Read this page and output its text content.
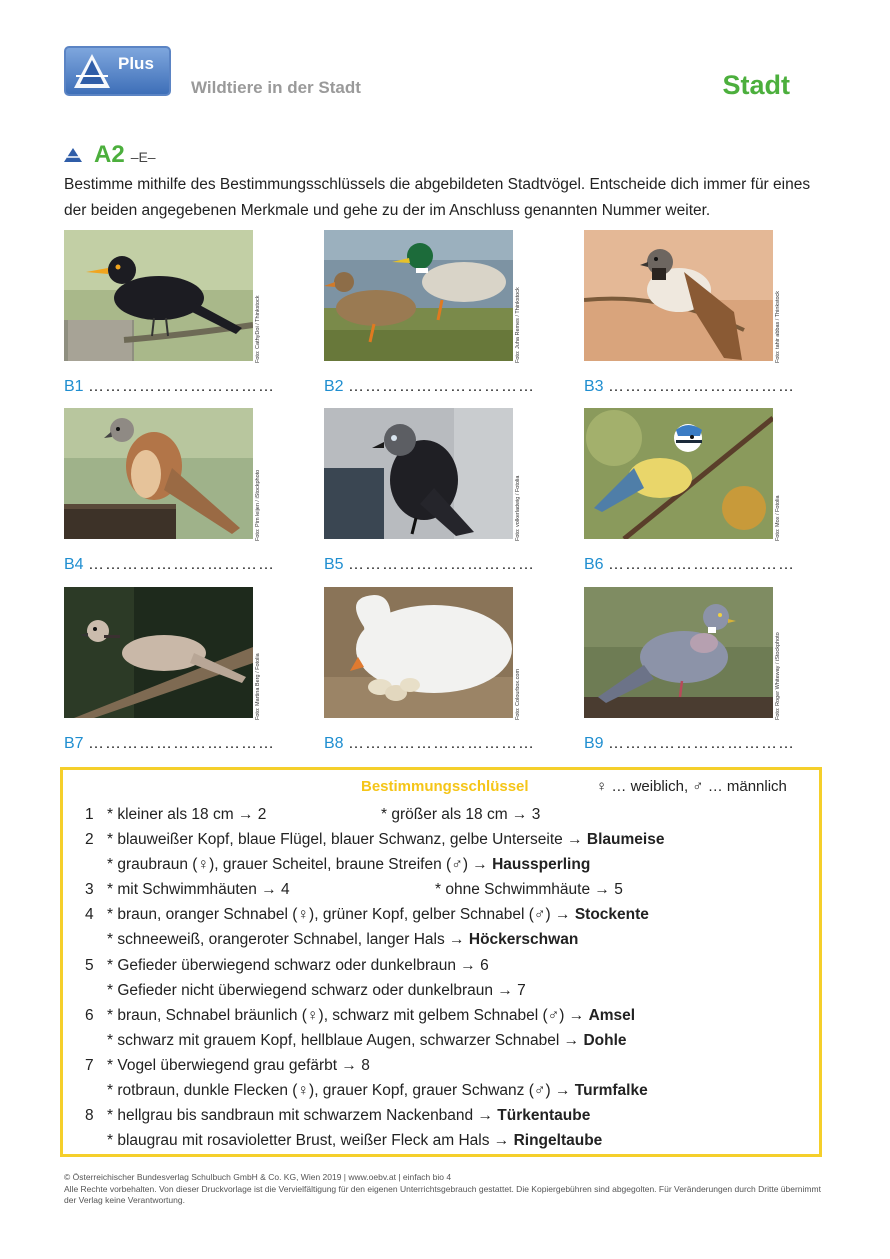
Plus
Wildtiere in der Stadt	Stadt
A2 –E–
Bestimme mithilfe des Bestimmungsschlüssels die abgebildeten Stadtvögel. Entscheide dich immer für eines der beiden angegebenen Merkmale und gehe zu der im Anschluss genannten Nummer weiter.
Foto: CathyDoi / Thinkstock
B1 ……………………………
Foto: Juha Remes / Thinkstock
B2 ……………………………
Foto: tahir abbas / Thinkstock
B3 ……………………………
Foto: Pim leijen / iStockphoto
B4 ……………………………
Foto: volkerladwig / Fotolia
B5 ……………………………
Foto: Mox / Fotolia
B6 ……………………………
Foto: Martina Berg / Fotolia
B7 ……………………………
Foto: Colourbox.com
B8 ……………………………
Foto: Roger Whiteway / iStockphoto
B9 ……………………………
Bestimmungsschlüssel	♀ … weiblich, ♂ … männlich
1 * kleiner als 18 cm → 2	* größer als 18 cm → 3
2 * blauweißer Kopf, blaue Flügel, blauer Schwanz, gelbe Unterseite → Blaumeise
* graubraun (♀), grauer Scheitel, braune Streifen (♂) → Haussperling
3 * mit Schwimmhäuten → 4	* ohne Schwimmhäute → 5
4 * braun, oranger Schnabel (♀), grüner Kopf, gelber Schnabel (♂) → Stockente
* schneeweiß, orangeroter Schnabel, langer Hals → Höckerschwan
5 * Gefieder überwiegend schwarz oder dunkelbraun → 6
* Gefieder nicht überwiegend schwarz oder dunkelbraun → 7
6 * braun, Schnabel bräunlich (♀), schwarz mit gelbem Schnabel (♂) → Amsel
* schwarz mit grauem Kopf, hellblaue Augen, schwarzer Schnabel → Dohle
7 * Vogel überwiegend grau gefärbt → 8
* rotbraun, dunkle Flecken (♀), grauer Kopf, grauer Schwanz (♂) → Turmfalke
8 * hellgrau bis sandbraun mit schwarzem Nackenband → Türkentaube
* blaugrau mit rosavioletter Brust, weißer Fleck am Hals → Ringeltaube
© Österreichischer Bundesverlag Schulbuch GmbH & Co. KG, Wien 2019 | www.oebv.at | einfach bio 4
Alle Rechte vorbehalten. Von dieser Druckvorlage ist die Vervielfältigung für den eigenen Unterrichtsgebrauch gestattet. Die Kopiergebühren sind abgegolten. Für Veränderungen durch Dritte übernimmt der Verlag keine Verantwortung.
